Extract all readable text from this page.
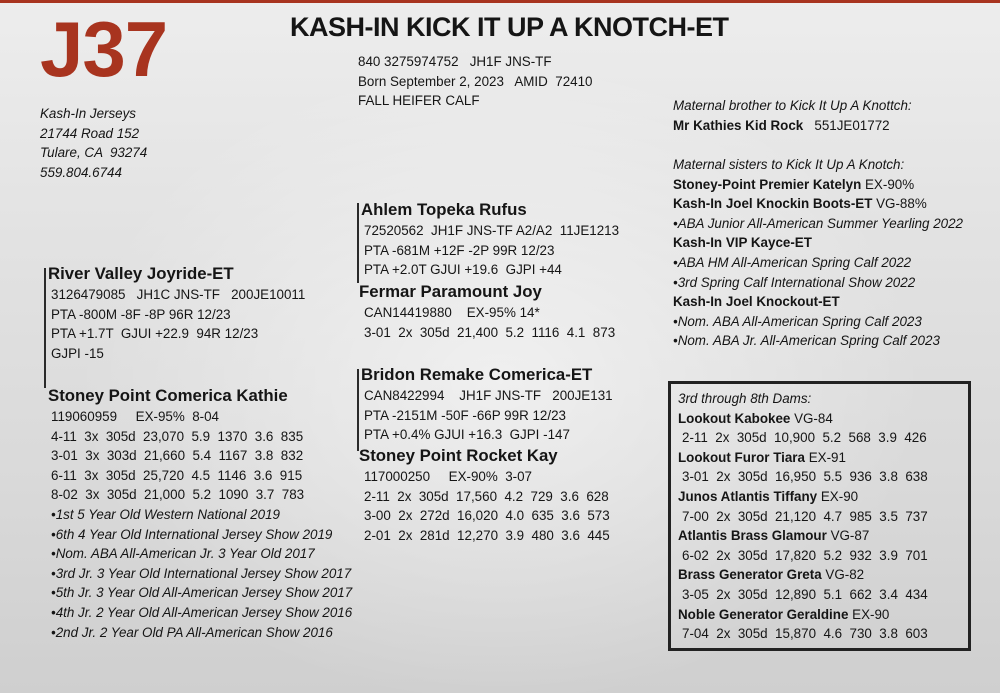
J37	KASH-IN KICK IT UP A KNOTCH-ET
840 3275974752   JH1F JNS-TF
Born September 2, 2023   AMID  72410
FALL HEIFER CALF
Kash-In Jerseys
21744 Road 152
Tulare, CA  93274
559.804.6744
River Valley Joyride-ET
3126479085   JH1C JNS-TF   200JE10011
PTA -800M -8F -8P 96R 12/23
PTA +1.7T  GJUI +22.9  94R 12/23
GJPI -15
Ahlem Topeka Rufus
72520562  JH1F JNS-TF A2/A2  11JE1213
PTA -681M +12F -2P 99R 12/23
PTA +2.0T GJUI +19.6  GJPI +44
Fermar Paramount Joy
CAN14419880    EX-95% 14*
3-01  2x  305d  21,400  5.2  1116  4.1  873
Stoney Point Comerica Kathie
119060959     EX-95%  8-04
4-11  3x  305d  23,070  5.9  1370  3.6  835
3-01  3x  303d  21,660  5.4  1167  3.8  832
6-11  3x  305d  25,720  4.5  1146  3.6  915
8-02  3x  305d  21,000  5.2  1090  3.7  783
•1st 5 Year Old Western National 2019
•6th 4 Year Old International Jersey Show 2019
•Nom. ABA All-American Jr. 3 Year Old 2017
•3rd Jr. 3 Year Old International Jersey Show 2017
•5th Jr. 3 Year Old All-American Jersey Show 2017
•4th Jr. 2 Year Old All-American Jersey Show 2016
•2nd Jr. 2 Year Old PA All-American Show 2016
Bridon Remake Comerica-ET
CAN8422994    JH1F JNS-TF   200JE131
PTA -2151M -50F -66P 99R 12/23
PTA +0.4% GJUI +16.3  GJPI -147
Stoney Point Rocket Kay
117000250     EX-90%  3-07
2-11  2x  305d  17,560  4.2  729  3.6  628
3-00  2x  272d  16,020  4.0  635  3.6  573
2-01  2x  281d  12,270  3.9  480  3.6  445
Maternal brother to Kick It Up A Knottch:
Mr Kathies Kid Rock 551JE01772
Maternal sisters to Kick It Up A Knotch:
Stoney-Point Premier Katelyn EX-90%
Kash-In Joel Knockin Boots-ET VG-88%
•ABA Junior All-American Summer Yearling 2022
Kash-In VIP Kayce-ET
•ABA HM All-American Spring Calf 2022
•3rd Spring Calf International Show 2022
Kash-In Joel Knockout-ET
•Nom. ABA All-American Spring Calf 2023
•Nom. ABA Jr. All-American Spring Calf 2023
3rd through 8th Dams:
Lookout Kabokee VG-84
2-11  2x  305d  10,900  5.2  568  3.9  426
Lookout Furor Tiara EX-91
3-01  2x  305d  16,950  5.5  936  3.8  638
Junos Atlantis Tiffany EX-90
7-00  2x  305d  21,120  4.7  985  3.5  737
Atlantis Brass Glamour VG-87
6-02  2x  305d  17,820  5.2  932  3.9  701
Brass Generator Greta VG-82
3-05  2x  305d  12,890  5.1  662  3.4  434
Noble Generator Geraldine EX-90
7-04  2x  305d  15,870  4.6  730  3.8  603
